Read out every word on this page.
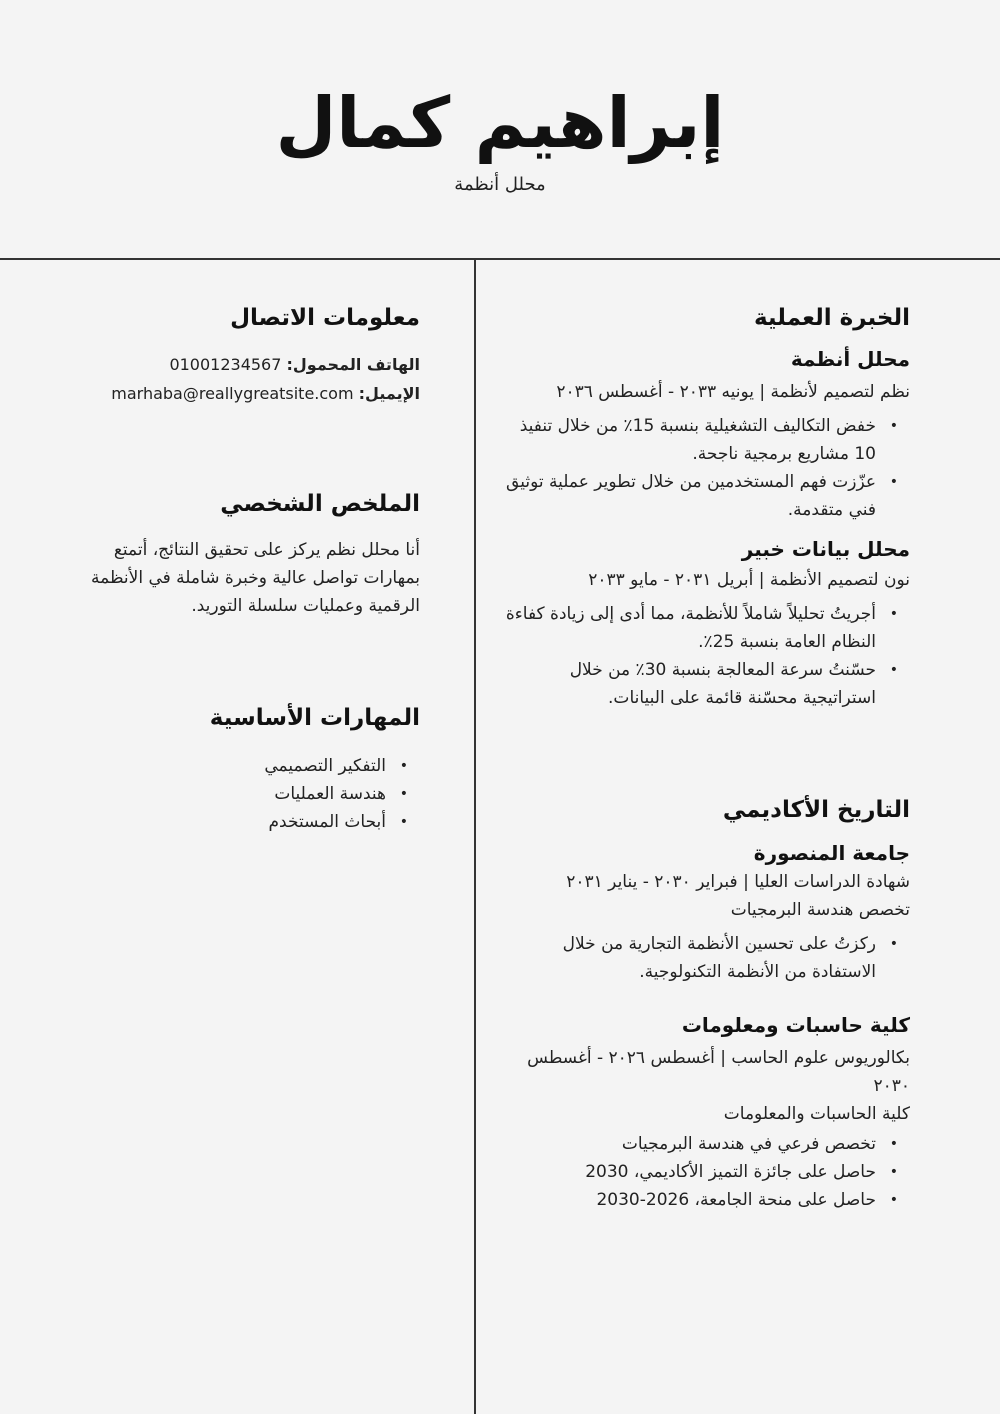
إبراهيم كمال
محلل أنظمة
الخبرة العملية
محلل أنظمة

نظم لتصميم لأنظمة | يونيه ٢٠٣٣ - أغسطس ٢٠٣٦

• خفض التكاليف التشغيلية بنسبة 15٪ من خلال تنفيذ 10 مشاريع برمجية ناجحة.
• عزّزت فهم المستخدمين من خلال تطوير عملية توثيق فني متقدمة.
محلل بيانات خبير

نون لتصميم الأنظمة | أبريل ٢٠٣١ - مايو ٢٠٣٣

• أجريتُ تحليلاً شاملاً للأنظمة، مما أدى إلى زيادة كفاءة النظام العامة بنسبة 25٪.
• حسّنتُ سرعة المعالجة بنسبة 30٪ من خلال استراتيجية محسّنة قائمة على البيانات.
التاريخ الأكاديمي
جامعة المنصورة

شهادة الدراسات العليا | فبراير ٢٠٣٠ - يناير ٢٠٣١

تخصص هندسة البرمجيات

• ركزتُ على تحسين الأنظمة التجارية من خلال الاستفادة من الأنظمة التكنولوجية.
كلية حاسبات ومعلومات

بكالوريوس علوم الحاسب | أغسطس ٢٠٢٦ - أغسطس ٢٠٣٠

كلية الحاسبات والمعلومات

• تخصص فرعي في هندسة البرمجيات
• حاصل على جائزة التميز الأكاديمي، 2030
• حاصل على منحة الجامعة، 2026-2030
معلومات الاتصال
الهاتف المحمول: 01001234567
الإيميل: marhaba@reallygreatsite.com
الملخص الشخصي

أنا محلل نظم يركز على تحقيق النتائج، أتمتع بمهارات تواصل عالية وخبرة شاملة في الأنظمة الرقمية وعمليات سلسلة التوريد.

المهارات الأساسية
• التفكير التصميمي
• هندسة العمليات
• أبحاث المستخدم
